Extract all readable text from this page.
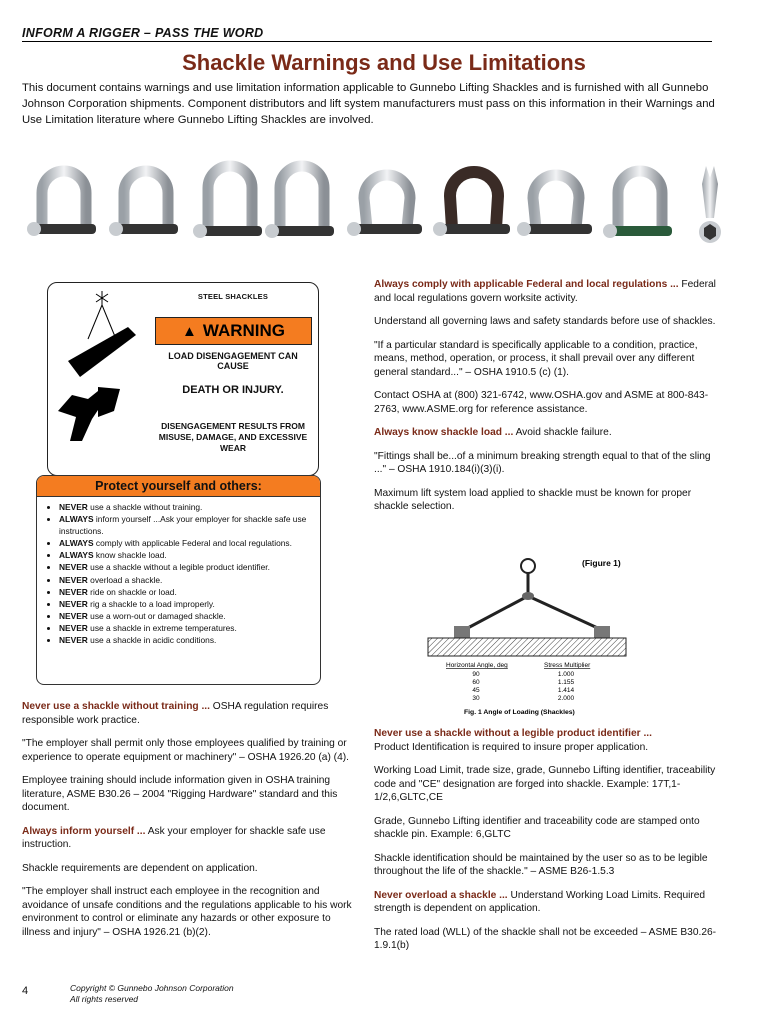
INFORM A RIGGER – PASS THE WORD
Shackle Warnings and Use Limitations
This document contains warnings and use limitation information applicable to Gunnebo Lifting Shackles and is furnished with all Gunnebo Johnson Corporation shipments. Component distributors and lift system manufacturers must pass on this information in their Warnings and Use Limitation literature where Gunnebo Lifting Shackles are involved.
STEEL SHACKLES
▲ WARNING
LOAD DISENGAGEMENT CAN CAUSE
DEATH OR INJURY.
DISENGAGEMENT RESULTS FROM MISUSE, DAMAGE, AND EXCESSIVE WEAR
Protect yourself and others:
• NEVER use a shackle without training.
• ALWAYS inform yourself ...Ask your employer for shackle safe use instructions.
• ALWAYS comply with applicable Federal and local regulations.
• ALWAYS know shackle load.
• NEVER use a shackle without a legible product identifier.
• NEVER overload a shackle.
• NEVER ride on shackle or load.
• NEVER rig a shackle to a load improperly.
• NEVER use a worn-out or damaged shackle.
• NEVER use a shackle in extreme temperatures.
• NEVER use a shackle in acidic conditions.

Never use a shackle without training ... OSHA regulation requires responsible work practice.

"The employer shall permit only those employees qualified by training or experience to operate equipment or machinery" – OSHA 1926.20 (a) (4).

Employee training should include information given in OSHA training literature, ASME B30.26 – 2004 "Rigging Hardware" standard and this document.

Always inform yourself ... Ask your employer for shackle safe use instruction.

Shackle requirements are dependent on application.

"The employer shall instruct each employee in the recognition and avoidance of unsafe conditions and the regulations applicable to his work environment to control or eliminate any hazards or other exposure to illness and injury" – OSHA 1926.21 (b)(2).

Always comply with applicable Federal and local regulations ... Federal and local regulations govern worksite activity.

Understand all governing laws and safety standards before use of shackles.

"If a particular standard is specifically applicable to a condition, practice, means, method, operation, or process, it shall prevail over any different general standard..." – OSHA 1910.5 (c) (1).

Contact OSHA at (800) 321-6742, www.OSHA.gov and ASME at 800-843-2763, www.ASME.org for reference assistance.

Always know shackle load ... Avoid shackle failure.

"Fittings shall be...of a minimum breaking strength equal to that of the sling ..." – OSHA 1910.184(i)(3)(i).

Maximum lift system load applied to shackle must be known for proper shackle selection.

(Figure 1)
Horizontal Angle, deg	Stress Multiplier
90	1.000
60	1.155
45	1.414
30	2.000
Fig. 1 Angle of Loading (Shackles)

Never use a shackle without a legible product identifier ...
Product Identification is required to insure proper application.

Working Load Limit, trade size, grade, Gunnebo Lifting identifier, traceability code and "CE" designation are forged into shackle. Example: 17T,1-1/2,6,GLTC,CE

Grade, Gunnebo Lifting identifier and traceability code are stamped onto shackle pin. Example: 6,GLTC

Shackle identification should be maintained by the user so as to be legible throughout the life of the shackle." – ASME B26-1.5.3

Never overload a shackle ... Understand Working Load Limits. Required strength is dependent on application.

The rated load (WLL) of the shackle shall not be exceeded – ASME B30.26-1.9.1(b)

4	Copyright © Gunnebo Johnson Corporation
All rights reserved
